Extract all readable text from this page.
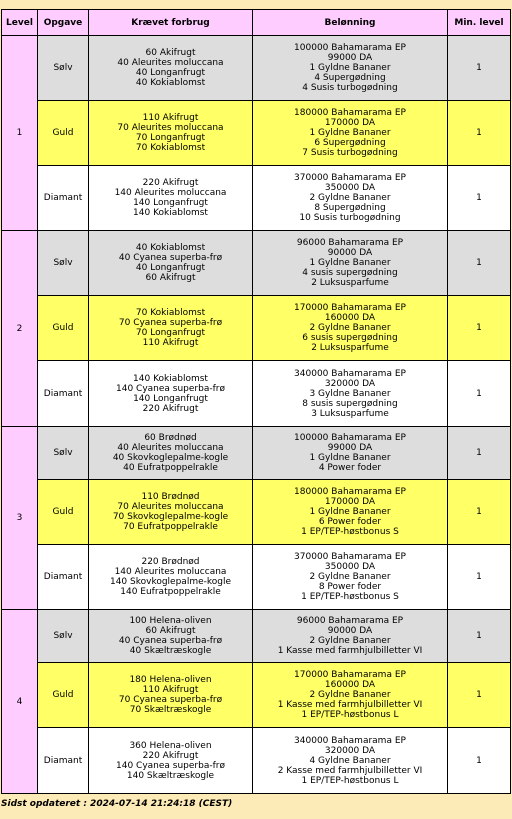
Level	Opgave	Krævet forbrug	Belønning	Min. level
1	Sølv	60 Akifrugt
40 Aleurites moluccana
40 Longanfrugt
40 Kokiablomst	100000 Bahamarama EP
99000 DA
1 Gyldne Bananer
4 Supergødning
4 Susis turbogødning	1
	Guld	110 Akifrugt
70 Aleurites moluccana
70 Longanfrugt
70 Kokiablomst	180000 Bahamarama EP
170000 DA
1 Gyldne Bananer
6 Supergødning
7 Susis turbogødning	1
	Diamant	220 Akifrugt
140 Aleurites moluccana
140 Longanfrugt
140 Kokiablomst	370000 Bahamarama EP
350000 DA
2 Gyldne Bananer
8 Supergødning
10 Susis turbogødning	1
2	Sølv	40 Kokiablomst
40 Cyanea superba-frø
40 Longanfrugt
60 Akifrugt	96000 Bahamarama EP
90000 DA
1 Gyldne Bananer
4 susis supergødning
2 Luksusparfume	1
	Guld	70 Kokiablomst
70 Cyanea superba-frø
70 Longanfrugt
110 Akifrugt	170000 Bahamarama EP
160000 DA
2 Gyldne Bananer
6 susis supergødning
2 Luksusparfume	1
	Diamant	140 Kokiablomst
140 Cyanea superba-frø
140 Longanfrugt
220 Akifrugt	340000 Bahamarama EP
320000 DA
3 Gyldne Bananer
8 susis supergødning
3 Luksusparfume	1
3	Sølv	60 Brødnød
40 Aleurites moluccana
40 Skovkoglepalme-kogle
40 Eufratpoppelrakle	100000 Bahamarama EP
99000 DA
1 Gyldne Bananer
4 Power foder	1
	Guld	110 Brødnød
70 Aleurites moluccana
70 Skovkoglepalme-kogle
70 Eufratpoppelrakle	180000 Bahamarama EP
170000 DA
1 Gyldne Bananer
6 Power foder
1 EP/TEP-høstbonus S	1
	Diamant	220 Brødnød
140 Aleurites moluccana
140 Skovkoglepalme-kogle
140 Eufratpoppelrakle	370000 Bahamarama EP
350000 DA
2 Gyldne Bananer
8 Power foder
1 EP/TEP-høstbonus S	1
4	Sølv	100 Helena-oliven
60 Akifrugt
40 Cyanea superba-frø
40 Skæltræskogle	96000 Bahamarama EP
90000 DA
2 Gyldne Bananer
1 Kasse med farmhjulbilletter VI	1
	Guld	180 Helena-oliven
110 Akifrugt
70 Cyanea superba-frø
70 Skæltræskogle	170000 Bahamarama EP
160000 DA
2 Gyldne Bananer
1 Kasse med farmhjulbilletter VI
1 EP/TEP-høstbonus L	1
	Diamant	360 Helena-oliven
220 Akifrugt
140 Cyanea superba-frø
140 Skæltræskogle	340000 Bahamarama EP
320000 DA
4 Gyldne Bananer
2 Kasse med farmhjulbilletter VI
1 EP/TEP-høstbonus L	1
Sidst opdateret : 2024-07-14 21:24:18 (CEST)
